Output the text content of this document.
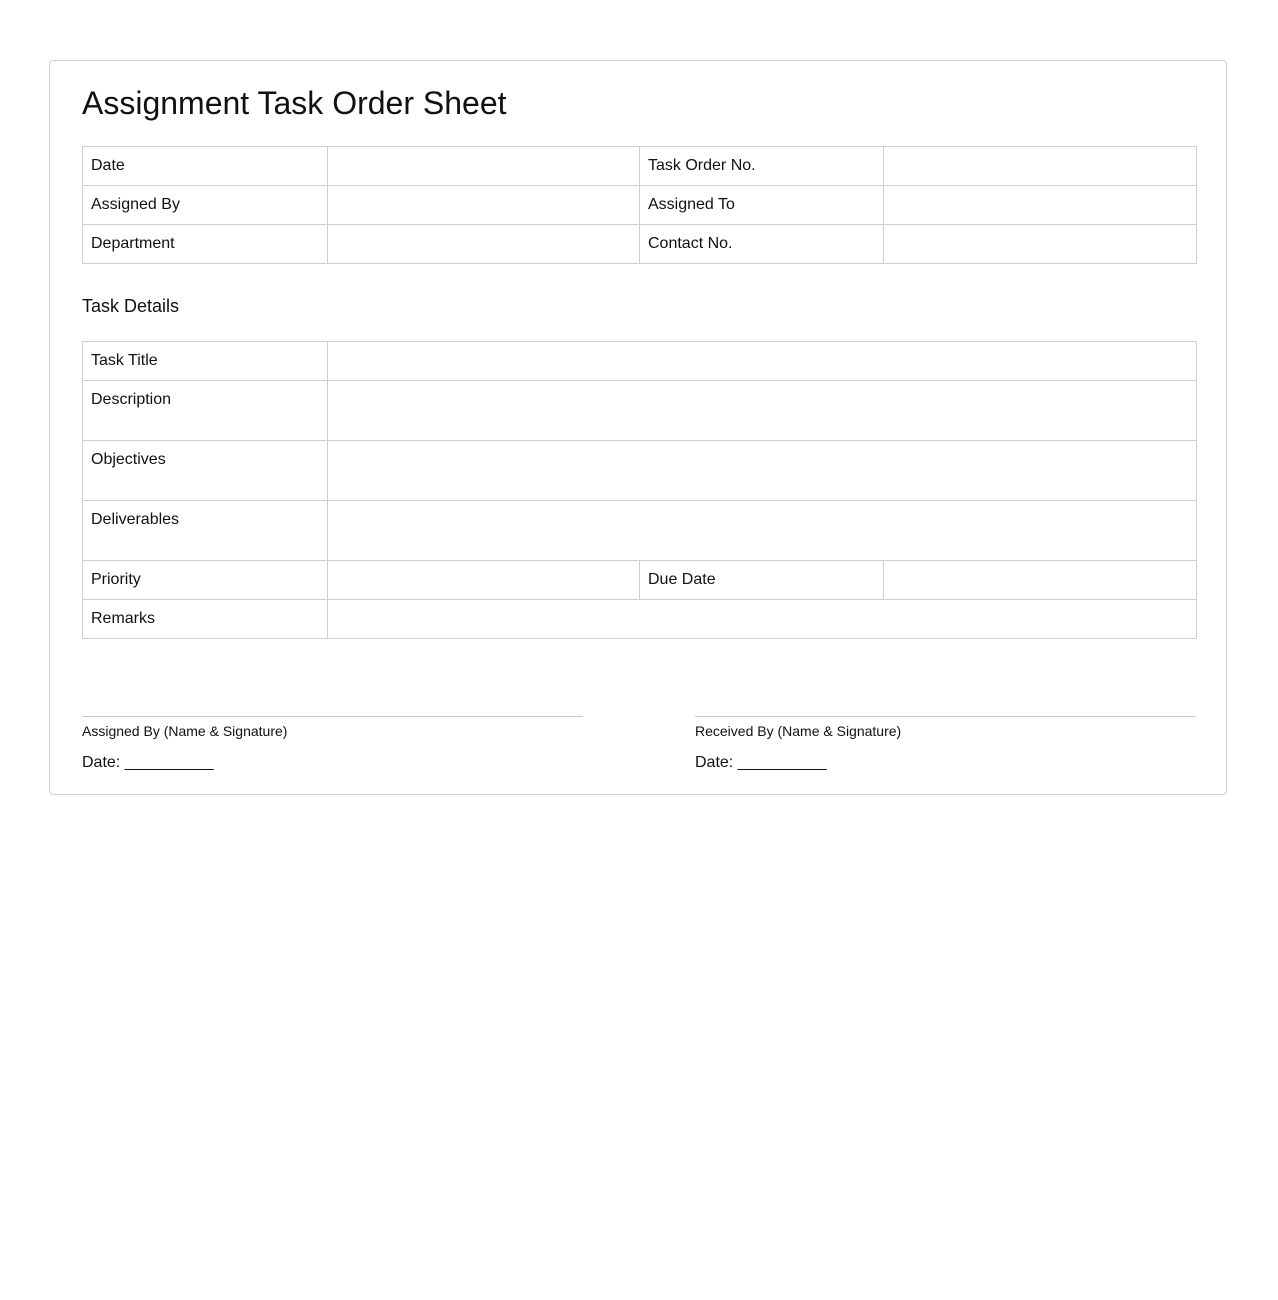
Assignment Task Order Sheet
Date		Task Order No.	
Assigned By		Assigned To	
Department		Contact No.	
Task Details
Task Title			
Description			
Objectives			
Deliverables			
Priority		Due Date	
Remarks			
Assigned By (Name & Signature)
Date: __________
Received By (Name & Signature)
Date: __________
